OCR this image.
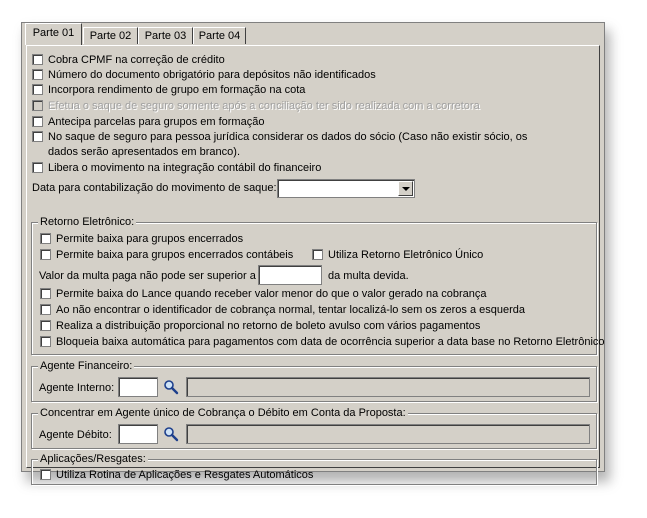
Parte 01	Parte 02	Parte 03	Parte 04
Cobra CPMF na correção de crédito
Número do documento obrigatório para depósitos não identificados
Incorpora rendimento de grupo em formação na cota
Efetua o saque de seguro somente após a conciliação ter sido realizada com a corretora
Antecipa parcelas para grupos em formação
No saque de seguro para pessoa jurídica considerar os dados do sócio (Caso não existir sócio, os
dados serão apresentados em branco).
Libera o movimento na integração contábil do financeiro
Data para contabilização do movimento de saque:
Retorno Eletrônico:
Permite baixa para grupos encerrados
Permite baixa para grupos encerrados contábeis	Utiliza Retorno Eletrônico Único
Valor da multa paga não pode ser superior a	da multa devida.
Permite baixa do Lance quando receber valor menor do que o valor gerado na cobrança
Ao não encontrar o identificador de cobrança normal, tentar localizá-lo sem os zeros a esquerda
Realiza a distribuição proporcional no retorno de boleto avulso com vários pagamentos
Bloqueia baixa automática para pagamentos com data de ocorrência superior a data base no Retorno Eletrônico
Agente Financeiro:
Agente Interno:
Concentrar em Agente único de Cobrança o Débito em Conta da Proposta:
Agente Débito:
Aplicações/Resgates:
Utiliza Rotina de Aplicações e Resgates Automáticos
